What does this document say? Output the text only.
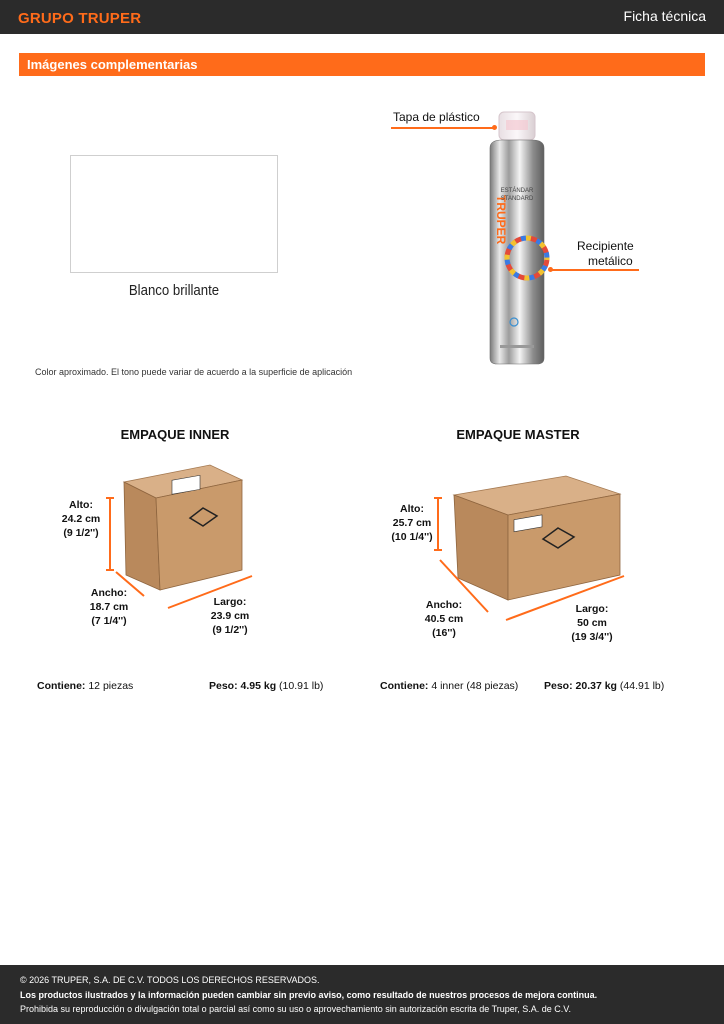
GRUPO TRUPER	Ficha técnica
Imágenes complementarias
Blanco brillante
Color aproximado. El tono puede variar de acuerdo a la superficie de aplicación
TRUPER
ESTÁNDAR
STANDARD
Tapa de plástico
Recipiente
metálico
EMPAQUE INNER
Alto:
24.2 cm
(9 1/2'')
Ancho:
18.7 cm
(7 1/4'')
Largo:
23.9 cm
(9 1/2'')
Contiene: 12 piezas	Peso: 4.95 kg (10.91 lb)
EMPAQUE MASTER
Alto:
25.7 cm
(10 1/4'')
Ancho:
40.5 cm
(16'')
Largo:
50 cm
(19 3/4'')
Contiene: 4 inner (48 piezas) Peso: 20.37 kg (44.91 lb)
© 2026 TRUPER, S.A. DE C.V. TODOS LOS DERECHOS RESERVADOS.
Los productos ilustrados y la información pueden cambiar sin previo aviso, como resultado de nuestros procesos de mejora continua.
Prohibida su reproducción o divulgación total o parcial así como su uso o aprovechamiento sin autorización escrita de Truper, S.A. de C.V.
